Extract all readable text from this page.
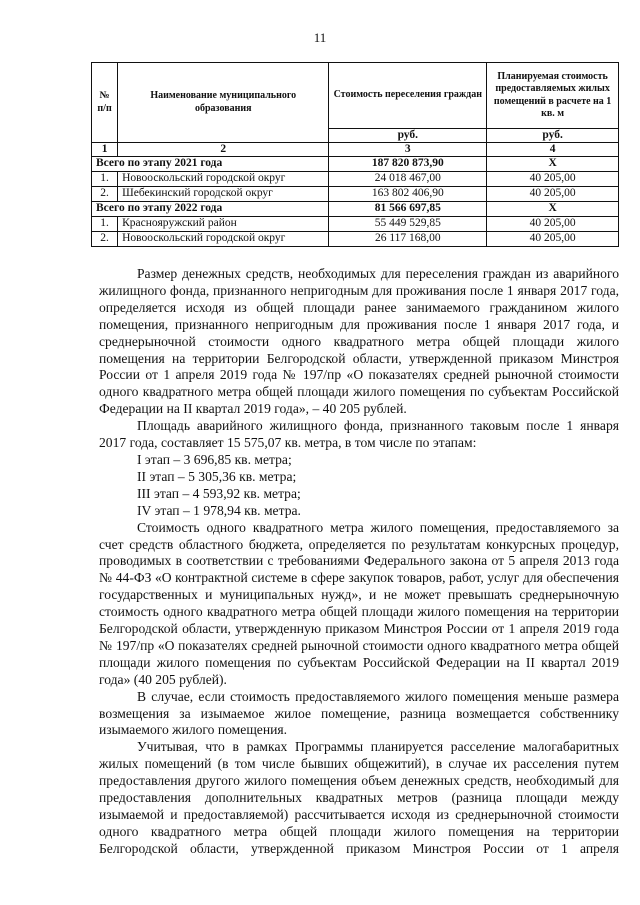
11
№ п/п	Наименование муниципального образования	Стоимость переселения граждан	Планируемая стоимость предоставляемых жилых помещений в расчете на 1 кв. м
		руб.	руб.
1	2	3	4
Всего по этапу 2021 года		187 820 873,90	X
1.	Новооскольский городской округ	24 018 467,00	40 205,00
2.	Шебекинский городской округ	163 802 406,90	40 205,00
Всего по этапу 2022 года		81 566 697,85	X
1.	Красноярyжский район	55 449 529,85	40 205,00
2.	Новооскольский городской округ	26 117 168,00	40 205,00

Размер денежных средств, необходимых для переселения граждан из аварийного жилищного фонда, признанного непригодным для проживания после 1 января 2017 года, определяется исходя из общей площади ранее занимаемого гражданином жилого помещения, признанного непригодным для проживания после 1 января 2017 года, и среднерыночной стоимости одного квадратного метра общей площади жилого помещения на территории Белгородской области, утвержденной приказом Минстроя России от 1 апреля 2019 года № 197/пр «О показателях средней рыночной стоимости одного квадратного метра общей площади жилого помещения по субъектам Российской Федерации на II квартал 2019 года», – 40 205 рублей.

Площадь аварийного жилищного фонда, признанного таковым после 1 января 2017 года, составляет 15 575,07 кв. метра, в том числе по этапам:

I этап – 3 696,85 кв. метра;

II этап – 5 305,36 кв. метра;

III этап – 4 593,92 кв. метра;

IV этап – 1 978,94 кв. метра.

Стоимость одного квадратного метра жилого помещения, предоставляемого за счет средств областного бюджета, определяется по результатам конкурсных процедур, проводимых в соответствии с требованиями Федерального закона от 5 апреля 2013 года № 44-ФЗ «О контрактной системе в сфере закупок товаров, работ, услуг для обеспечения государственных и муниципальных нужд», и не может превышать среднерыночную стоимость одного квадратного метра общей площади жилого помещения на территории Белгородской области, утвержденную приказом Минстроя России от 1 апреля 2019 года № 197/пр «О показателях средней рыночной стоимости одного квадратного метра общей площади жилого помещения по субъектам Российской Федерации на II квартал 2019 года» (40 205 рублей).

В случае, если стоимость предоставляемого жилого помещения меньше размера возмещения за изымаемое жилое помещение, разница возмещается собственнику изымаемого жилого помещения.

Учитывая, что в рамках Программы планируется расселение малогабаритных жилых помещений (в том числе бывших общежитий), в случае их расселения путем предоставления другого жилого помещения объем денежных средств, необходимый для предоставления дополнительных квадратных метров (разница площади между изымаемой и предоставляемой) рассчитывается исходя из среднерыночной стоимости одного квадратного метра общей площади жилого помещения на территории Белгородской области, утвержденной приказом Минстроя России от 1 апреля
